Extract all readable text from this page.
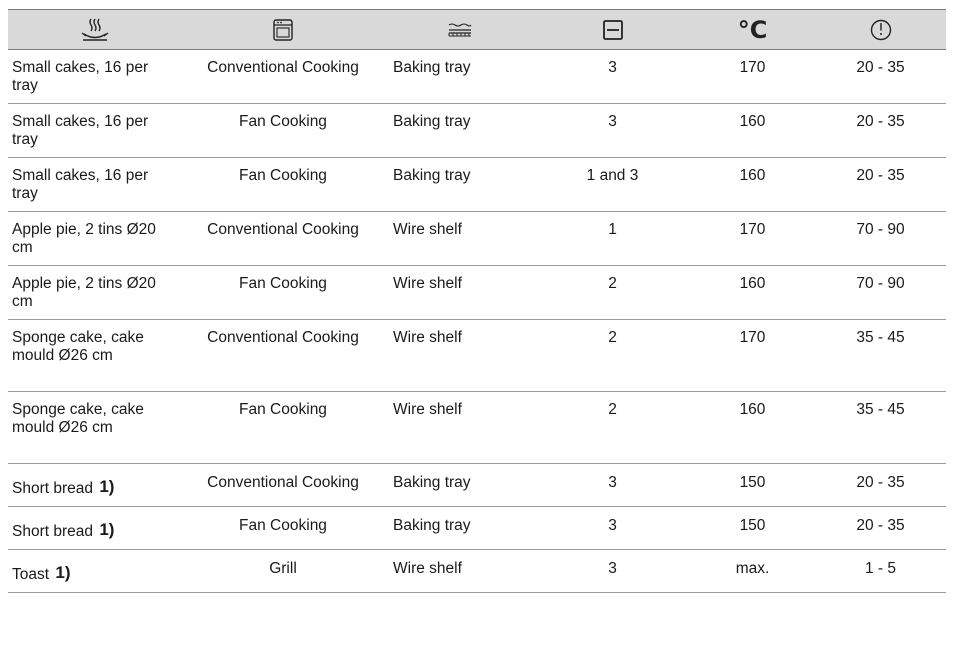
	°C	

Small cakes, 16 per tray	Conventional Cooking	Baking tray	3	170	20 - 35
Small cakes, 16 per tray	Fan Cooking	Baking tray	3	160	20 - 35
Small cakes, 16 per tray	Fan Cooking	Baking tray	1 and 3	160	20 - 35
Apple pie, 2 tins Ø20 cm	Conventional Cooking	Wire shelf	1	170	70 - 90
Apple pie, 2 tins Ø20 cm	Fan Cooking	Wire shelf	2	160	70 - 90
Sponge cake, cake mould Ø26 cm	Conventional Cooking	Wire shelf	2	170	35 - 45
Sponge cake, cake mould Ø26 cm	Fan Cooking	Wire shelf	2	160	35 - 45
Short bread 1)	Conventional Cooking	Baking tray	3	150	20 - 35
Short bread 1)	Fan Cooking	Baking tray	3	150	20 - 35
Toast 1)	Grill	Wire shelf	3	max.	1 - 5
